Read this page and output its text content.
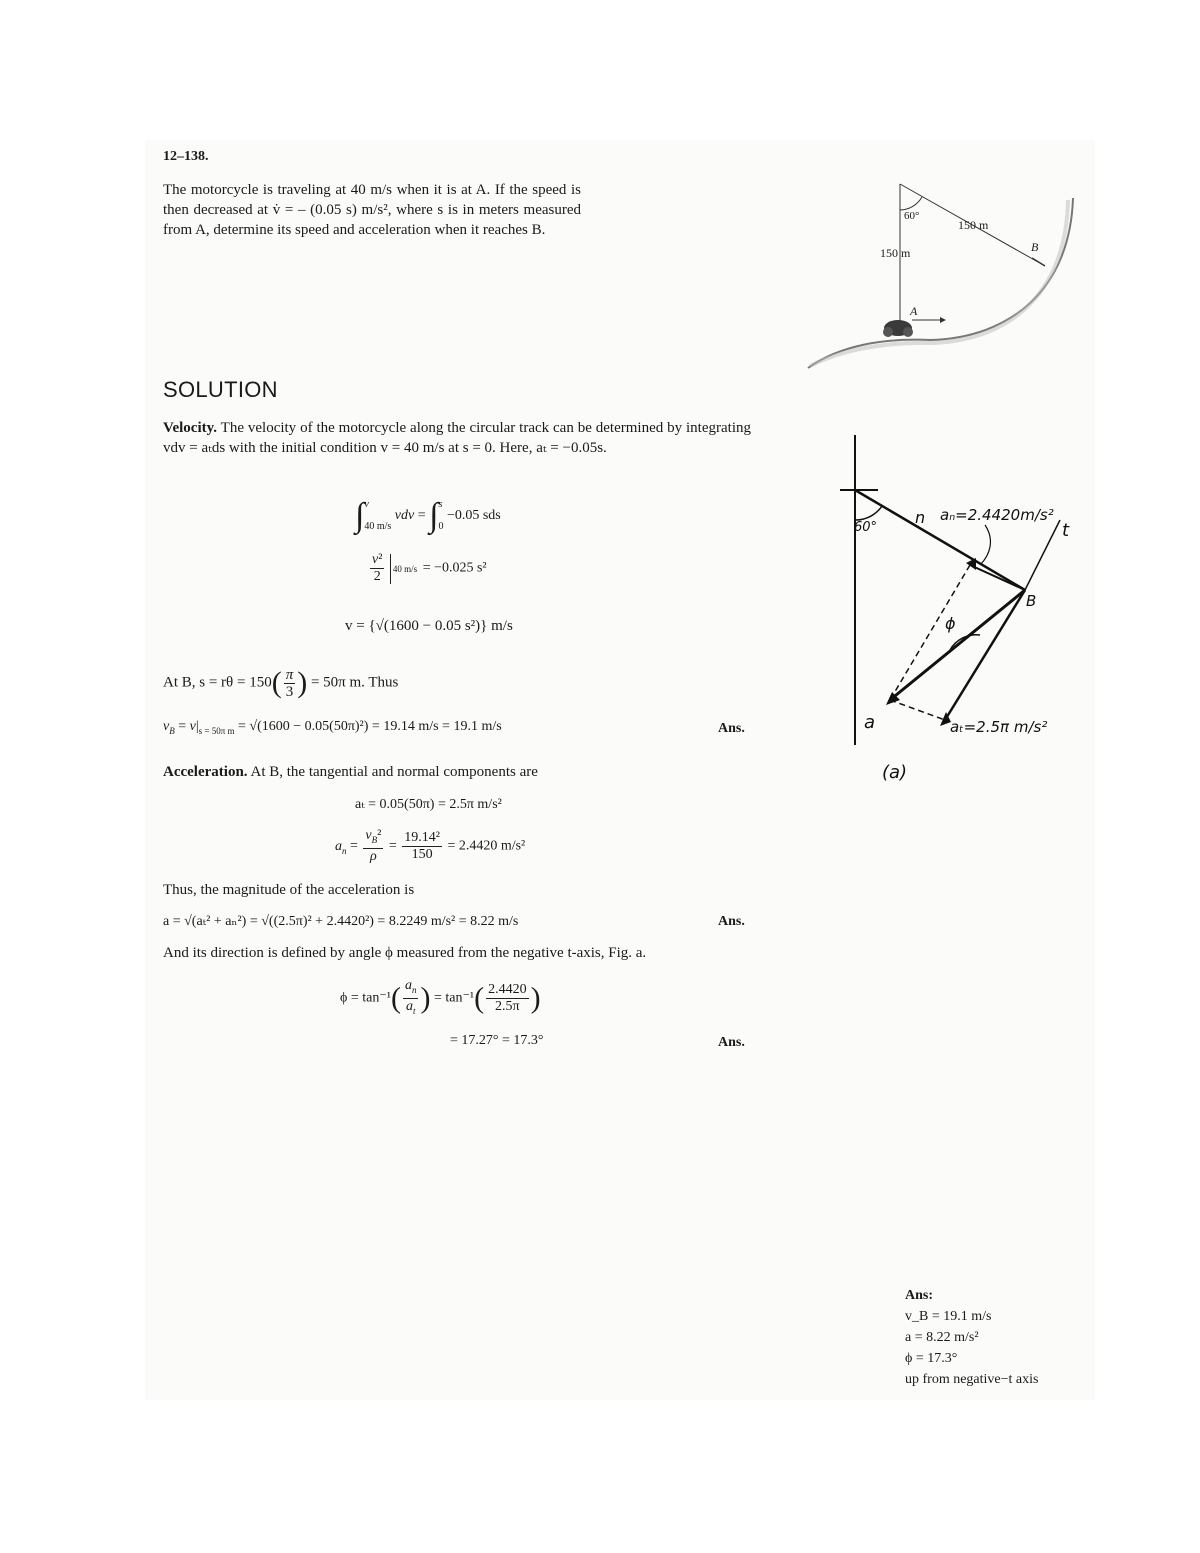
12–138.
The motorcycle is traveling at 40 m/s when it is at A. If the speed is then decreased at v̇ = – (0.05 s) m/s², where s is in meters measured from A, determine its speed and acceleration when it reaches B.
60°
150 m
150 m
A
B
SOLUTION
Velocity. The velocity of the motorcycle along the circular track can be determined by integrating vdv = aₜds with the initial condition v = 40 m/s at s = 0. Here, aₜ = −0.05s.
∫ v
40 m/s
vdv = ∫ s
0
−0.05 sds
$\frac{\text{v²}}{2} 40$ m/s = −0.025 s²
v = {√(1600 − 0.05 s²)} m/s
At B, $s = r\theta = 150( \frac{\pi}{3}$ ) = 50π m. Thus
$v_B = v|_{s = 50\pi m} = √(1600 - 0.05(50\pi)^2) = 19.14$ m/s = 19.1 m/s	Ans.
Acceleration. At B, the tangential and normal components are
aₜ = 0.05(50π) = 2.5π m/s²
$a_n = \frac{v_B^2}{\rho} = \frac{\text{19.14²}}{150} = 2.4420$ m/s²
Thus, the magnitude of the acceleration is
a = √(aₜ² + aₙ²) = √((2.5π)² + 2.4420²) = 8.2249 m/s² = 8.22 m/s	Ans.
And its direction is defined by angle ϕ measured from the negative t-axis, Fig. a.
$\phi = \tan^{-1}( \frac{a_n}{a_t}$ ) = $\tan^{-1}( \frac{2.4420}{2.5\pi}$ )
= 17.27° = 17.3°	Ans.
60°
n aₙ=2.4420m/s²
t
B
ϕ
a	aₜ=2.5π m/s²
(a)
Ans:
v_B = 19.1 m/s
a = 8.22 m/s²
ϕ = 17.3°
up from negative−t axis
